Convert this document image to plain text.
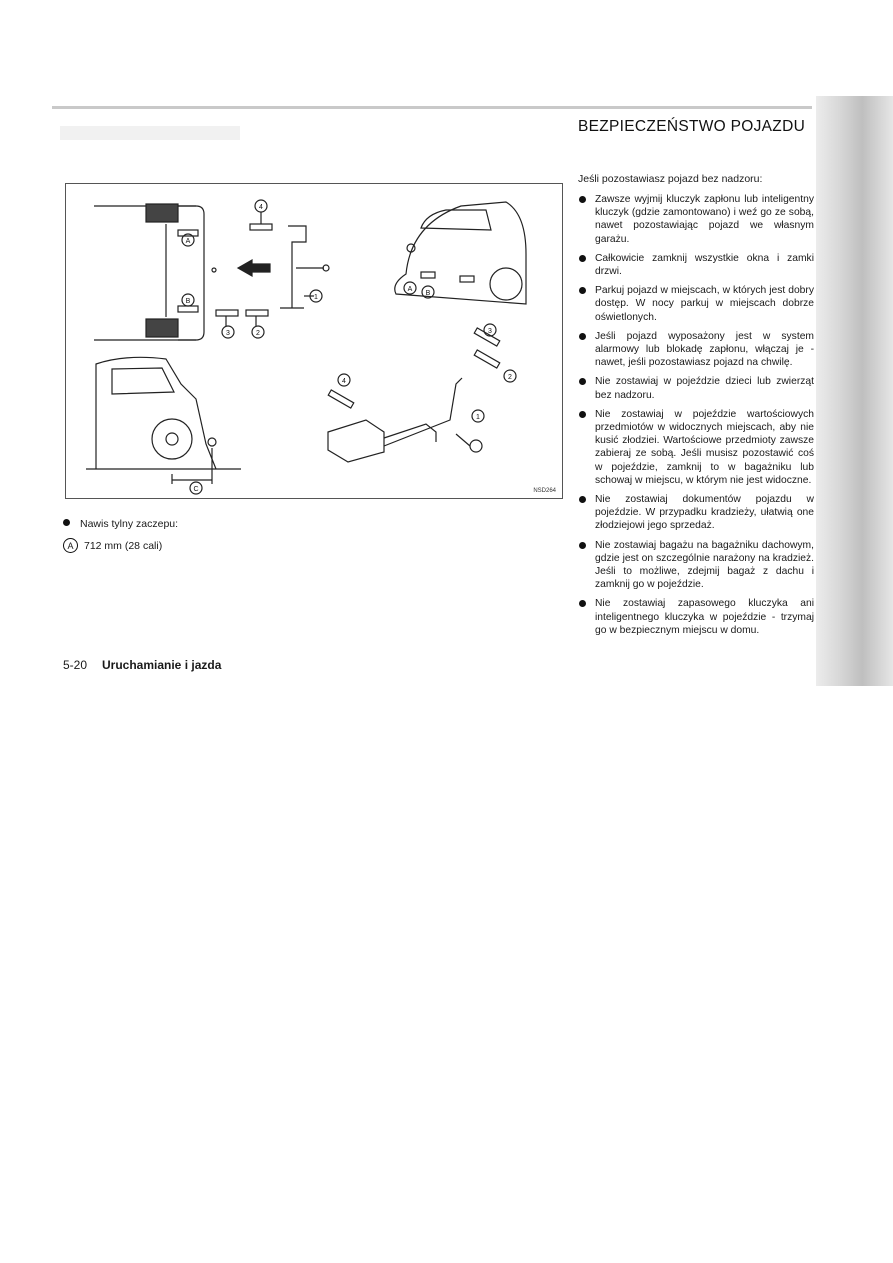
BEZPIECZEŃSTWO POJAZDU
Jeśli pozostawiasz pojazd bez nadzoru:
Zawsze wyjmij kluczyk zapłonu lub inteligentny kluczyk (gdzie zamontowano) i weź go ze sobą, nawet pozostawiając pojazd we własnym garażu.
Całkowicie zamknij wszystkie okna i zamki drzwi.
Parkuj pojazd w miejscach, w których jest dobry dostęp. W nocy parkuj w miejscach dobrze oświetlonych.
Jeśli pojazd wyposażony jest w system alarmowy lub blokadę zapłonu, włączaj je - nawet, jeśli pozostawiasz pojazd na chwilę.
Nie zostawiaj w pojeździe dzieci lub zwierząt bez nadzoru.
Nie zostawiaj w pojeździe wartościowych przedmiotów w widocznych miejscach, aby nie kusić złodziei. Wartościowe przedmioty zawsze zabieraj ze sobą. Jeśli musisz pozostawić coś w pojeździe, zamknij to w bagażniku lub schowaj w miejscu, w którym nie jest widoczne.
Nie zostawiaj dokumentów pojazdu w pojeździe. W przypadku kradzieży, ułatwią one złodziejowi jego sprzedaż.
Nie zostawiaj bagażu na bagażniku dachowym, gdzie jest on szczególnie narażony na kradzież. Jeśli to możliwe, zdejmij bagaż z dachu i zamknij go w pojeździe.
Nie zostawiaj zapasowego kluczyka ani inteligentnego kluczyka w pojeździe - trzymaj go w bezpiecznym miejscu w domu.
4
1
3	2
A
B
A
B
C
4
3
2
1
NSD264
Nawis tylny zaczepu:
A	712 mm (28 cali)
5-20 Uruchamianie i jazda
